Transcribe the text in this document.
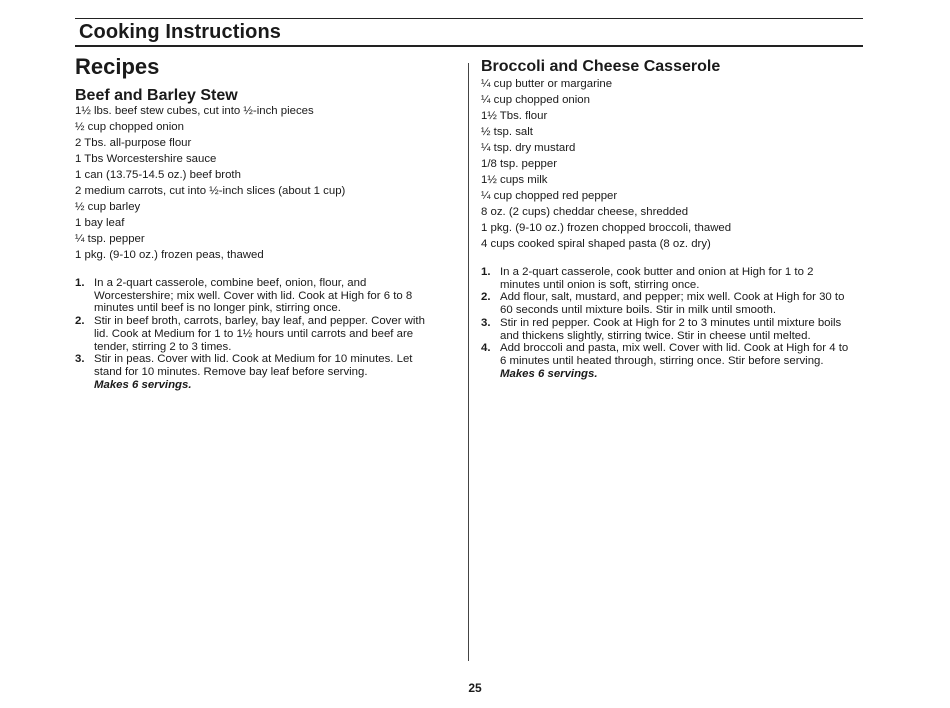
Cooking Instructions
Recipes
Beef and Barley Stew
1½ lbs. beef stew cubes, cut into ½-inch pieces
½ cup chopped onion
2 Tbs. all-purpose flour
1 Tbs Worcestershire sauce
1 can (13.75-14.5 oz.) beef broth
2 medium carrots, cut into ½-inch slices (about 1 cup)
½ cup barley
1 bay leaf
¼ tsp. pepper
1 pkg. (9-10 oz.) frozen peas, thawed
1. In a 2-quart casserole, combine beef, onion, flour, and
Worcestershire; mix well. Cover with lid. Cook at High for 6 to 8
minutes until beef is no longer pink, stirring once.
2. Stir in beef broth, carrots, barley, bay leaf, and pepper. Cover with
lid. Cook at Medium for 1 to 1½ hours until carrots and beef are
tender, stirring 2 to 3 times.
3. Stir in peas. Cover with lid. Cook at Medium for 10 minutes. Let
stand for 10 minutes. Remove bay leaf before serving.
Makes 6 servings.
Broccoli and Cheese Casserole
¼ cup butter or margarine
¼ cup chopped onion
1½ Tbs. flour
½ tsp. salt
¼ tsp. dry mustard
1/8 tsp. pepper
1½ cups milk
¼ cup chopped red pepper
8 oz. (2 cups) cheddar cheese, shredded
1 pkg. (9-10 oz.) frozen chopped broccoli, thawed
4 cups cooked spiral shaped pasta (8 oz. dry)
1. In a 2-quart casserole, cook butter and onion at High for 1 to 2
minutes until onion is soft, stirring once.
2. Add flour, salt, mustard, and pepper; mix well. Cook at High for 30 to
60 seconds until mixture boils. Stir in milk until smooth.
3. Stir in red pepper. Cook at High for 2 to 3 minutes until mixture boils
and thickens slightly, stirring twice. Stir in cheese until melted.
4. Add broccoli and pasta, mix well. Cover with lid. Cook at High for 4 to
6 minutes until heated through, stirring once. Stir before serving.
Makes 6 servings.
25
